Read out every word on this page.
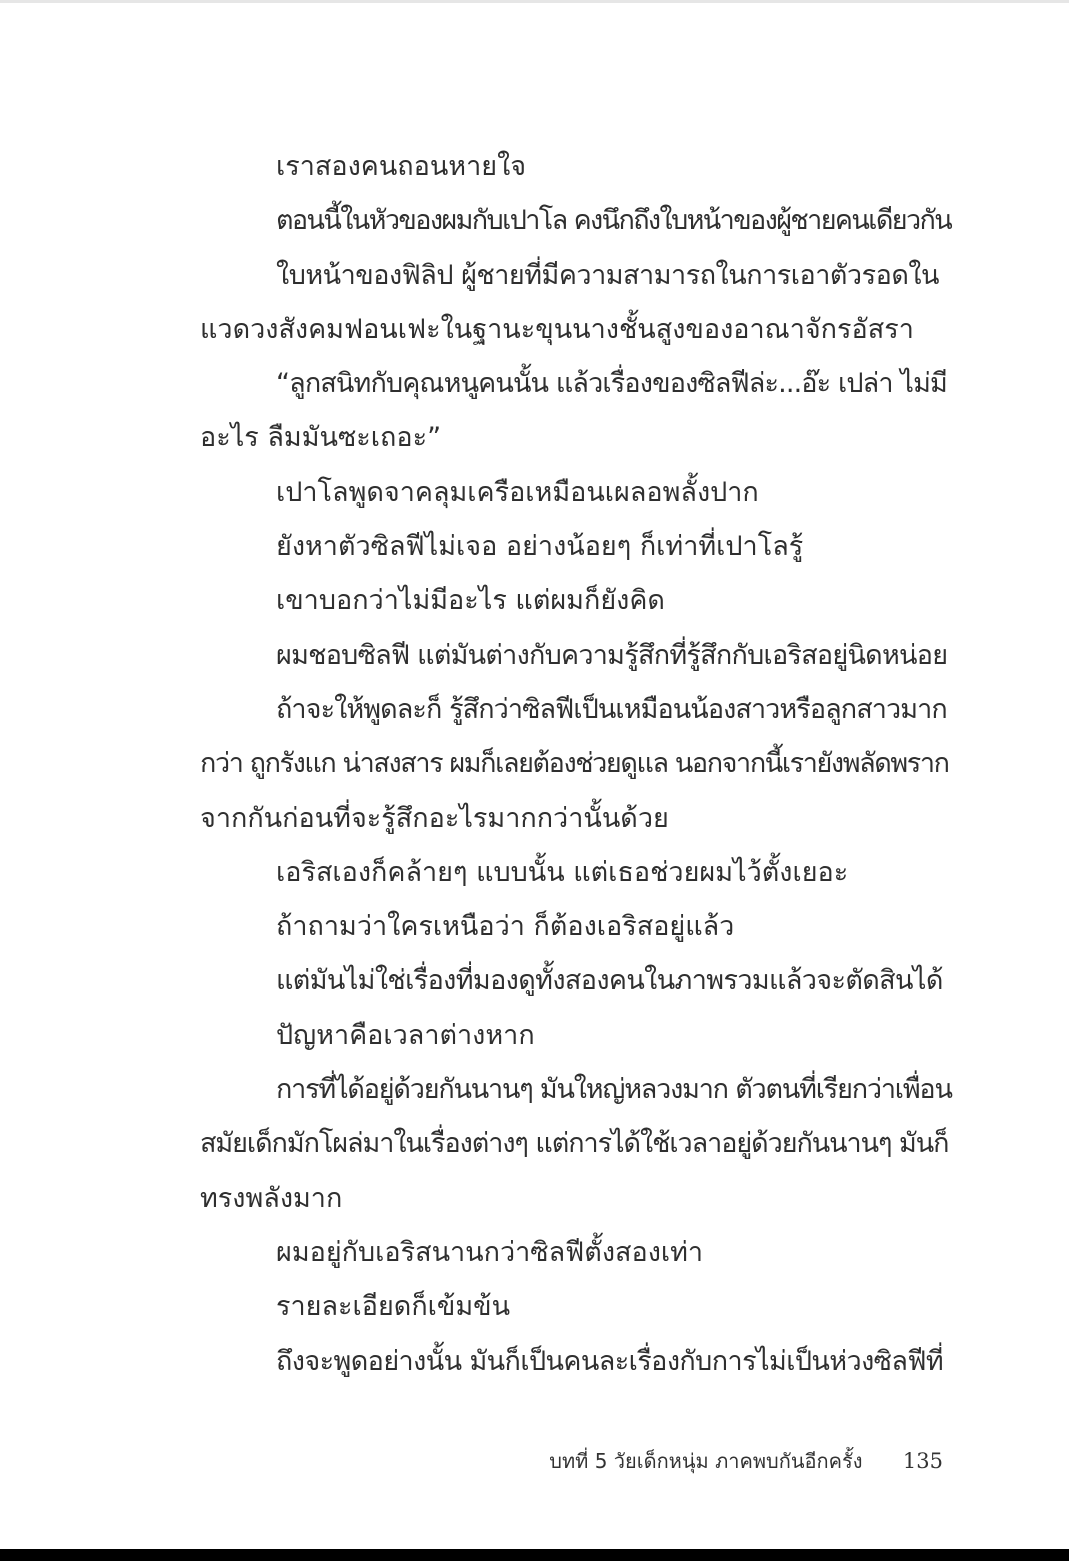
เราสองคนถอนหายใจ
ตอนนี้ในหัวของผมกับเปาโล คงนึกถึงใบหน้าของผู้ชายคนเดียวกัน
ใบหน้าของฟิลิป ผู้ชายที่มีความสามารถในการเอาตัวรอดใน
แวดวงสังคมฟอนเฟะในฐานะขุนนางชั้นสูงของอาณาจักรอัสรา
“ลูกสนิทกับคุณหนูคนนั้น แล้วเรื่องของซิลฟีล่ะ...อ๊ะ เปล่า ไม่มี
อะไร ลืมมันซะเถอะ”
เปาโลพูดจาคลุมเครือเหมือนเผลอพลั้งปาก
ยังหาตัวซิลฟีไม่เจอ อย่างน้อยๆ ก็เท่าที่เปาโลรู้
เขาบอกว่าไม่มีอะไร แต่ผมก็ยังคิด
ผมชอบซิลฟี แต่มันต่างกับความรู้สึกที่รู้สึกกับเอริสอยู่นิดหน่อย
ถ้าจะให้พูดละก็ รู้สึกว่าซิลฟีเป็นเหมือนน้องสาวหรือลูกสาวมาก
กว่า ถูกรังแก น่าสงสาร ผมก็เลยต้องช่วยดูแล นอกจากนี้เรายังพลัดพราก
จากกันก่อนที่จะรู้สึกอะไรมากกว่านั้นด้วย
เอริสเองก็คล้ายๆ แบบนั้น แต่เธอช่วยผมไว้ตั้งเยอะ
ถ้าถามว่าใครเหนือว่า ก็ต้องเอริสอยู่แล้ว
แต่มันไม่ใช่เรื่องที่มองดูทั้งสองคนในภาพรวมแล้วจะตัดสินได้
ปัญหาคือเวลาต่างหาก
การที่ได้อยู่ด้วยกันนานๆ มันใหญ่หลวงมาก ตัวตนที่เรียกว่าเพื่อน
สมัยเด็กมักโผล่มาในเรื่องต่างๆ แต่การได้ใช้เวลาอยู่ด้วยกันนานๆ มันก็
ทรงพลังมาก
ผมอยู่กับเอริสนานกว่าซิลฟีตั้งสองเท่า
รายละเอียดก็เข้มข้น
ถึงจะพูดอย่างนั้น มันก็เป็นคนละเรื่องกับการไม่เป็นห่วงซิลฟีที่
บทที่ 5 วัยเด็กหนุ่ม ภาคพบกันอีกครั้ง 135
